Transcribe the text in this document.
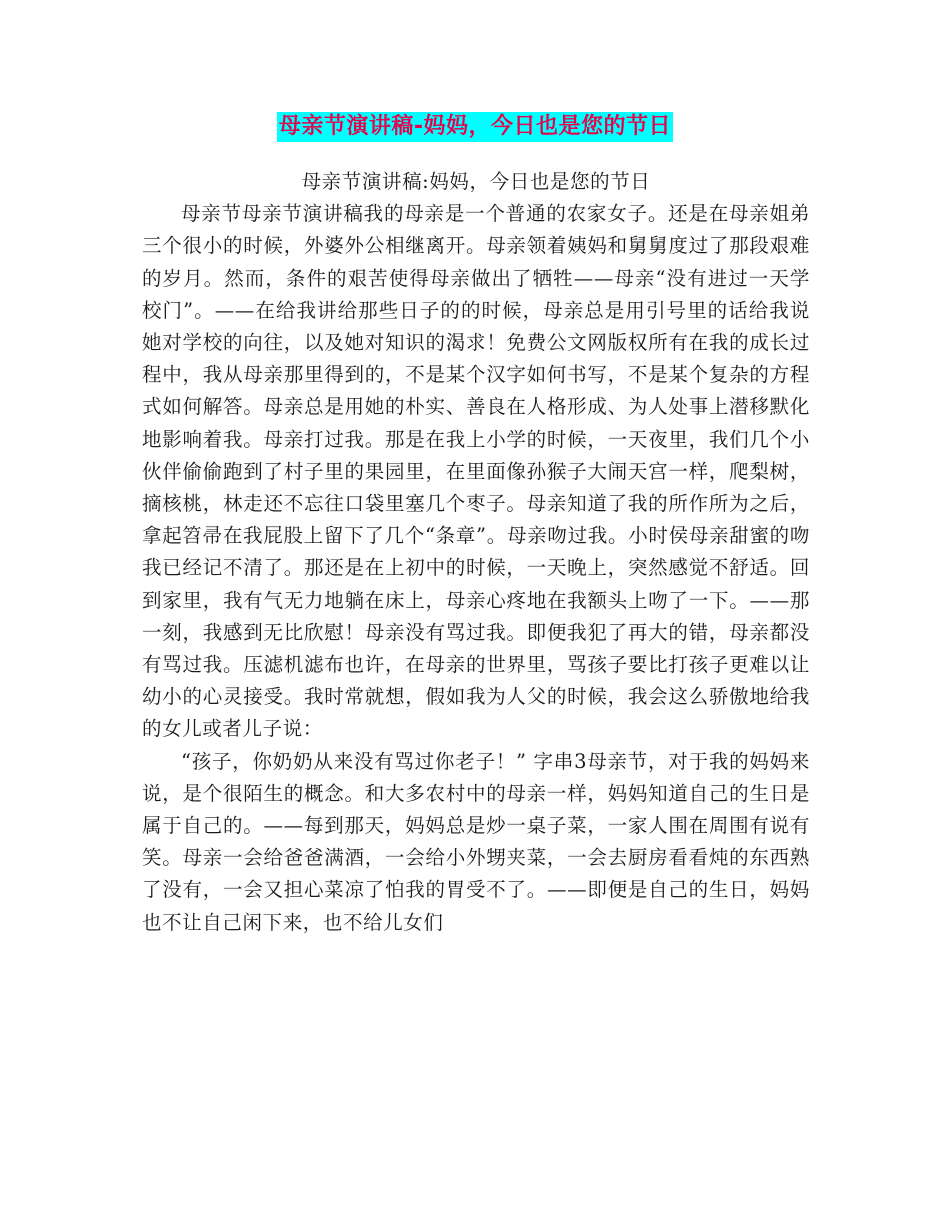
母亲节演讲稿-妈妈，今日也是您的节日

母亲节演讲稿:妈妈，今日也是您的节日

母亲节母亲节演讲稿我的母亲是一个普通的农家女子。还是在母亲姐弟三个很小的时候，外婆外公相继离开。母亲领着姨妈和舅舅度过了那段艰难的岁月。然而，条件的艰苦使得母亲做出了牺牲——母亲“没有进过一天学校门”。——在给我讲给那些日子的的时候，母亲总是用引号里的话给我说她对学校的向往，以及她对知识的渴求！免费公文网版权所有在我的成长过程中，我从母亲那里得到的，不是某个汉字如何书写，不是某个复杂的方程式如何解答。母亲总是用她的朴实、善良在人格形成、为人处事上潜移默化地影响着我。母亲打过我。那是在我上小学的时候，一天夜里，我们几个小伙伴偷偷跑到了村子里的果园里，在里面像孙猴子大闹天宫一样，爬梨树，摘核桃，林走还不忘往口袋里塞几个枣子。母亲知道了我的所作所为之后，拿起笤帚在我屁股上留下了几个“条章”。母亲吻过我。小时侯母亲甜蜜的吻我已经记不清了。那还是在上初中的时候，一天晚上，突然感觉不舒适。回到家里，我有气无力地躺在床上，母亲心疼地在我额头上吻了一下。——那一刻，我感到无比欣慰！母亲没有骂过我。即便我犯了再大的错，母亲都没有骂过我。压滤机滤布也许，在母亲的世界里，骂孩子要比打孩子更难以让幼小的心灵接受。我时常就想，假如我为人父的时候，我会这么骄傲地给我的女儿或者儿子说：

“孩子，你奶奶从来没有骂过你老子！” 字串3母亲节，对于我的妈妈来说，是个很陌生的概念。和大多农村中的母亲一样，妈妈知道自己的生日是属于自己的。——每到那天，妈妈总是炒一桌子菜，一家人围在周围有说有笑。母亲一会给爸爸满酒，一会给小外甥夹菜，一会去厨房看看炖的东西熟了没有，一会又担心菜凉了怕我的胃受不了。——即便是自己的生日，妈妈也不让自己闲下来，也不给儿女们
